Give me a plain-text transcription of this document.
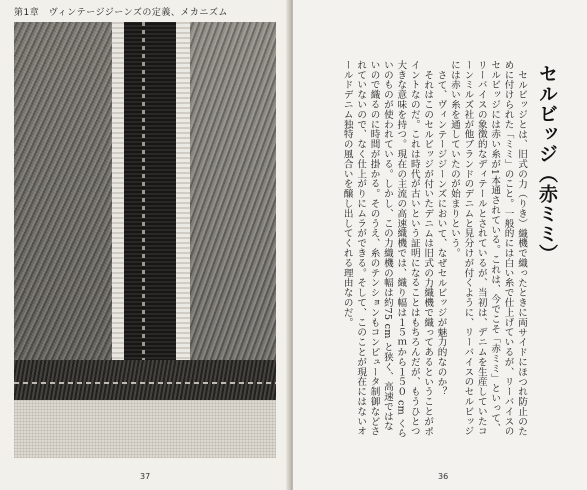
第1章　ヴィンテージジーンズの定義、メカニズム
37
セルビッジ（赤ミミ）

セルビッジとは、旧式の力（りき）織機で織ったときに両サイドにほつれ防止のために付けられた「ミミ」のこと。一般的には白い糸で仕上げているが、リーバイスのセルビッジには赤い糸が1本通されている。これは、今でこそ「赤ミミ」といって、リーバイスの象徴的なディテールとされているが、当初は、デニムを生産していたコーンミルズ社が他ブランドのデニムと見分けが付くように、リーバイスのセルビッジには赤い糸を通していたのが始まりという。

さて、ヴィンテージジーンズにおいて、なぜセルビッジが魅力的なのか？

それはこのセルビッジが付いたデニムは旧式の力織機で織ってあるということがポイントなのだ。これは時代が古いという証明になることはもちろんだが、もうひとつ大きな意味を持つ。現在の主流の高速織機では、織り幅は１５ｍから１５０ cm くらいのものが使われている。しかし、この力織機の幅は約75 cm と狭く、高速ではないので織るのに時間が掛かる。そのうえ、糸のテンションもコンピュータ制御などされていないので、なく仕上がりにムラができる。そして、このことが現在にはないオールドデニム独特の風合いを醸し出してくれる理由なのだ。

36
